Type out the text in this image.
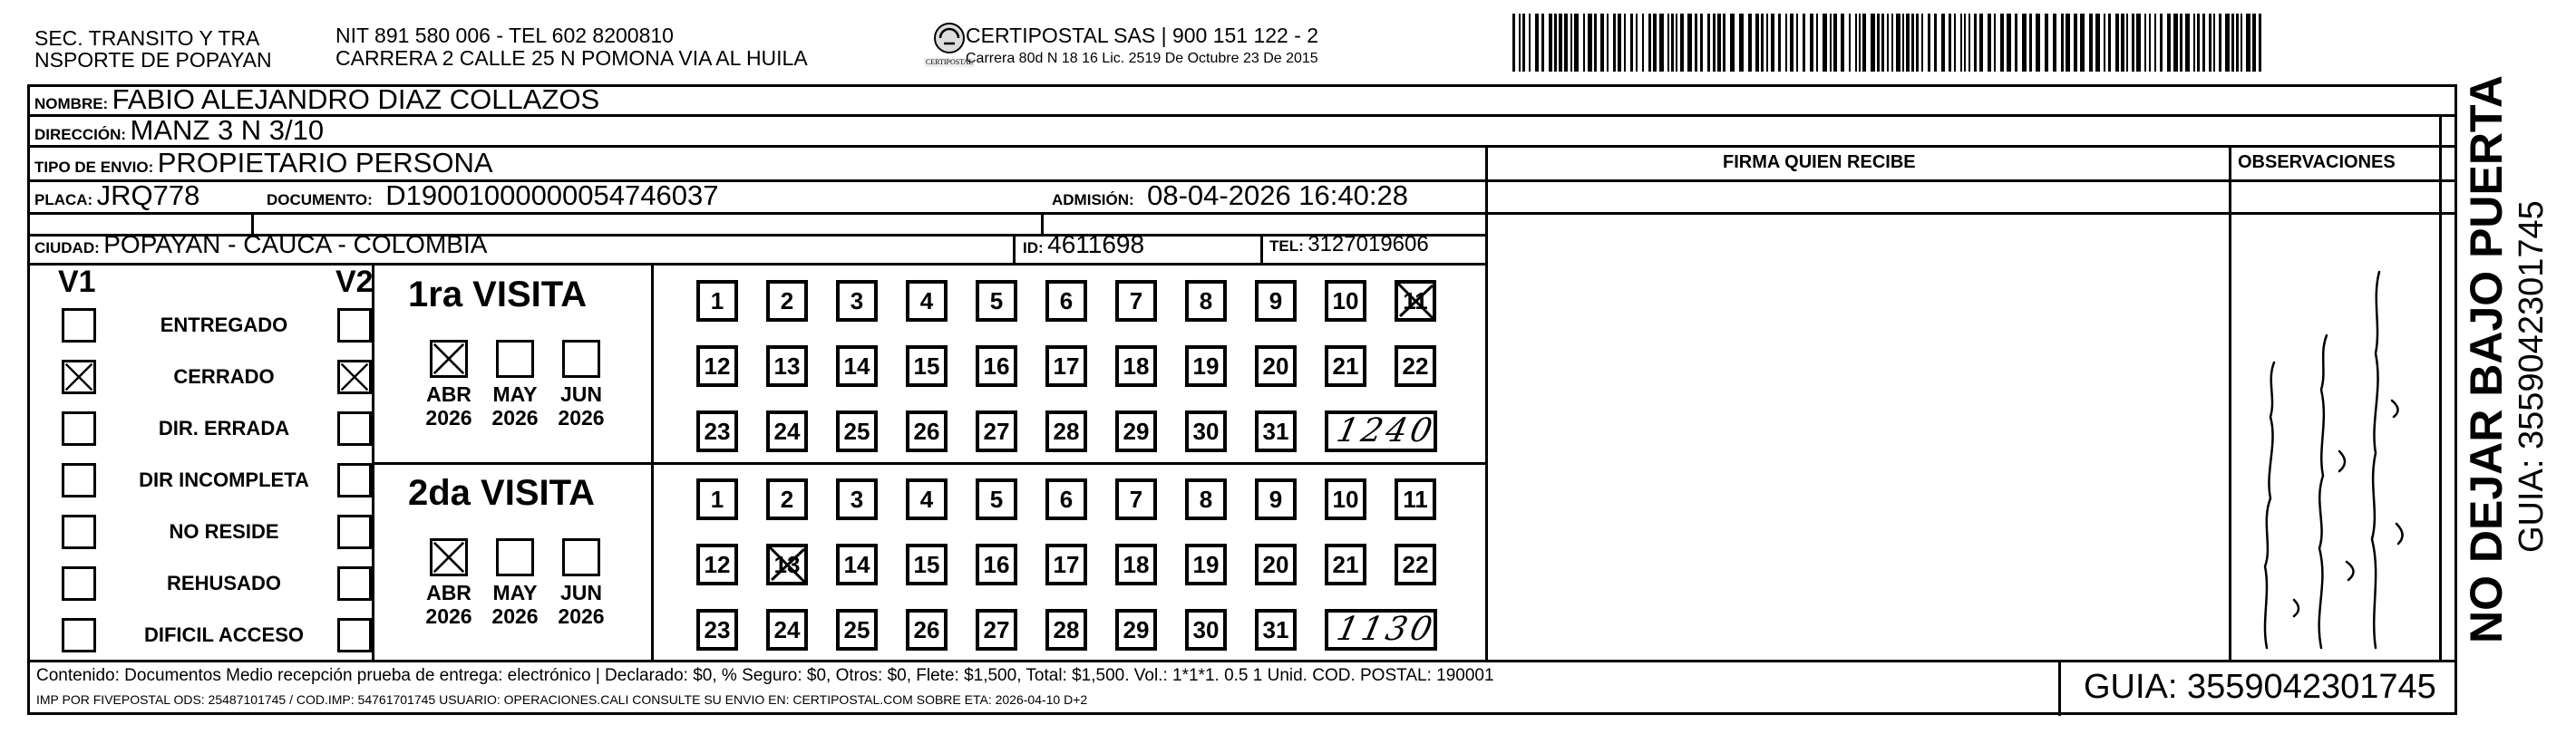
SEC. TRANSITO Y TRA
NSPORTE DE POPAYAN
NIT 891 580 006 - TEL 602 8200810
CARRERA 2 CALLE 25 N POMONA VIA AL HUILA	CERTIPOSTAL
CERTIPOSTAL SAS | 900 151 122 - 2
Carrera 80d N 18 16 Lic. 2519 De Octubre 23 De 2015
NOMBRE: FABIO ALEJANDRO DIAZ COLLAZOS
DIRECCIÓN: MANZ 3 N 3/10
TIPO DE ENVIO: PROPIETARIO PERSONA	FIRMA QUIEN RECIBE	OBSERVACIONES
PLACA: JRQ778	DOCUMENTO: D19001000000054746037	ADMISIÓN: 08-04-2026 16:40:28
CIUDAD: POPAYAN - CAUCA - COLOMBIA	ID: 4611698	TEL: 3127019606
V1	V2
ENTREGADO
CERRADO
DIR. ERRADA
DIR INCOMPLETA
NO RESIDE
REHUSADO
DIFICIL ACCESO
1ra VISITA
2da VISITA
ABR
2026
MAY
2026
JUN
2026
1	2	3	4	5	6	7	8	9	10	11
12	13	14	15	16	17	18	19	20	21	22
23	24	25	26	27	28	29	30	31 1240
ABR
2026
MAY
2026
JUN
2026
1	2	3	4	5	6	7	8	9	10	11
12	13	14	15	16	17	18	19	20	21	22
23	24	25	26	27	28	29	30	31 1130	NO DEJAR BAJO PUERTA GUIA: 3559042301745
Contenido: Documentos Medio recepción prueba de entrega: electrónico | Declarado: $0, % Seguro: $0, Otros: $0, Flete: $1,500, Total: $1,500. Vol.: 1*1*1. 0.5 1 Unid. COD. POSTAL: 190001
IMP POR FIVEPOSTAL ODS: 25487101745 / COD.IMP: 54761701745 USUARIO: OPERACIONES.CALI CONSULTE SU ENVIO EN: CERTIPOSTAL.COM SOBRE ETA: 2026-04-10 D+2	GUIA: 3559042301745
